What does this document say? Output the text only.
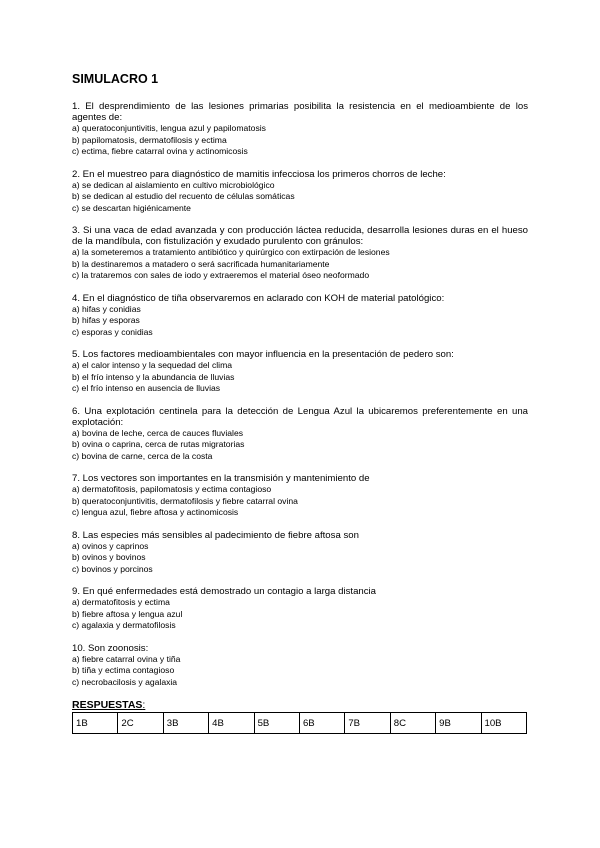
SIMULACRO 1
1. El desprendimiento de las lesiones primarias posibilita la resistencia en el medioambiente de los agentes de:
a) queratoconjuntivitis, lengua azul y papilomatosis
b) papilomatosis, dermatofilosis y ectima
c) ectima, fiebre catarral ovina y actinomicosis
2. En el muestreo para diagnóstico de mamitis infecciosa los primeros chorros de leche:
a) se dedican al aislamiento en cultivo microbiológico
b) se dedican al estudio del recuento de células somáticas
c) se descartan higiénicamente
3. Si una vaca de edad avanzada y con producción láctea reducida, desarrolla lesiones duras en el hueso de la mandíbula, con fistulización y exudado purulento con gránulos:
a) la someteremos a tratamiento antibiótico y quirúrgico con extirpación de lesiones
b) la destinaremos a matadero o será sacrificada humanitariamente
c) la trataremos con sales de iodo y extraeremos el material óseo neoformado
4. En el diagnóstico de tiña observaremos en aclarado con KOH de material patológico:
a) hifas y conidias
b) hifas y esporas
c) esporas y conidias
5. Los factores medioambientales con mayor influencia en la presentación de pedero son:
a) el calor intenso y la sequedad del clima
b) el frío intenso y la abundancia de lluvias
c) el frío intenso en ausencia de lluvias
6. Una explotación centinela para la detección de Lengua Azul la ubicaremos preferentemente en una explotación:
a) bovina de leche, cerca de cauces fluviales
b) ovina o caprina, cerca de rutas migratorias
c) bovina de carne, cerca de la costa
7. Los vectores son importantes en la transmisión y mantenimiento de
a) dermatofitosis, papilomatosis y ectima contagioso
b) queratoconjuntivitis, dermatofilosis y fiebre catarral ovina
c) lengua azul, fiebre aftosa y actinomicosis
8. Las especies más sensibles al padecimiento de fiebre aftosa son
a) ovinos y caprinos
b) ovinos y bovinos
c) bovinos y porcinos
9. En qué enfermedades está demostrado un contagio a larga distancia
a) dermatofitosis y ectima
b) fiebre aftosa y lengua azul
c) agalaxia y dermatofilosis
10. Son zoonosis:
a) fiebre catarral ovina y tiña
b) tiña y ectima contagioso
c) necrobacilosis y agalaxia
RESPUESTAS:
1B	2C	3B	4B	5B	6B	7B	8C	9B	10B
